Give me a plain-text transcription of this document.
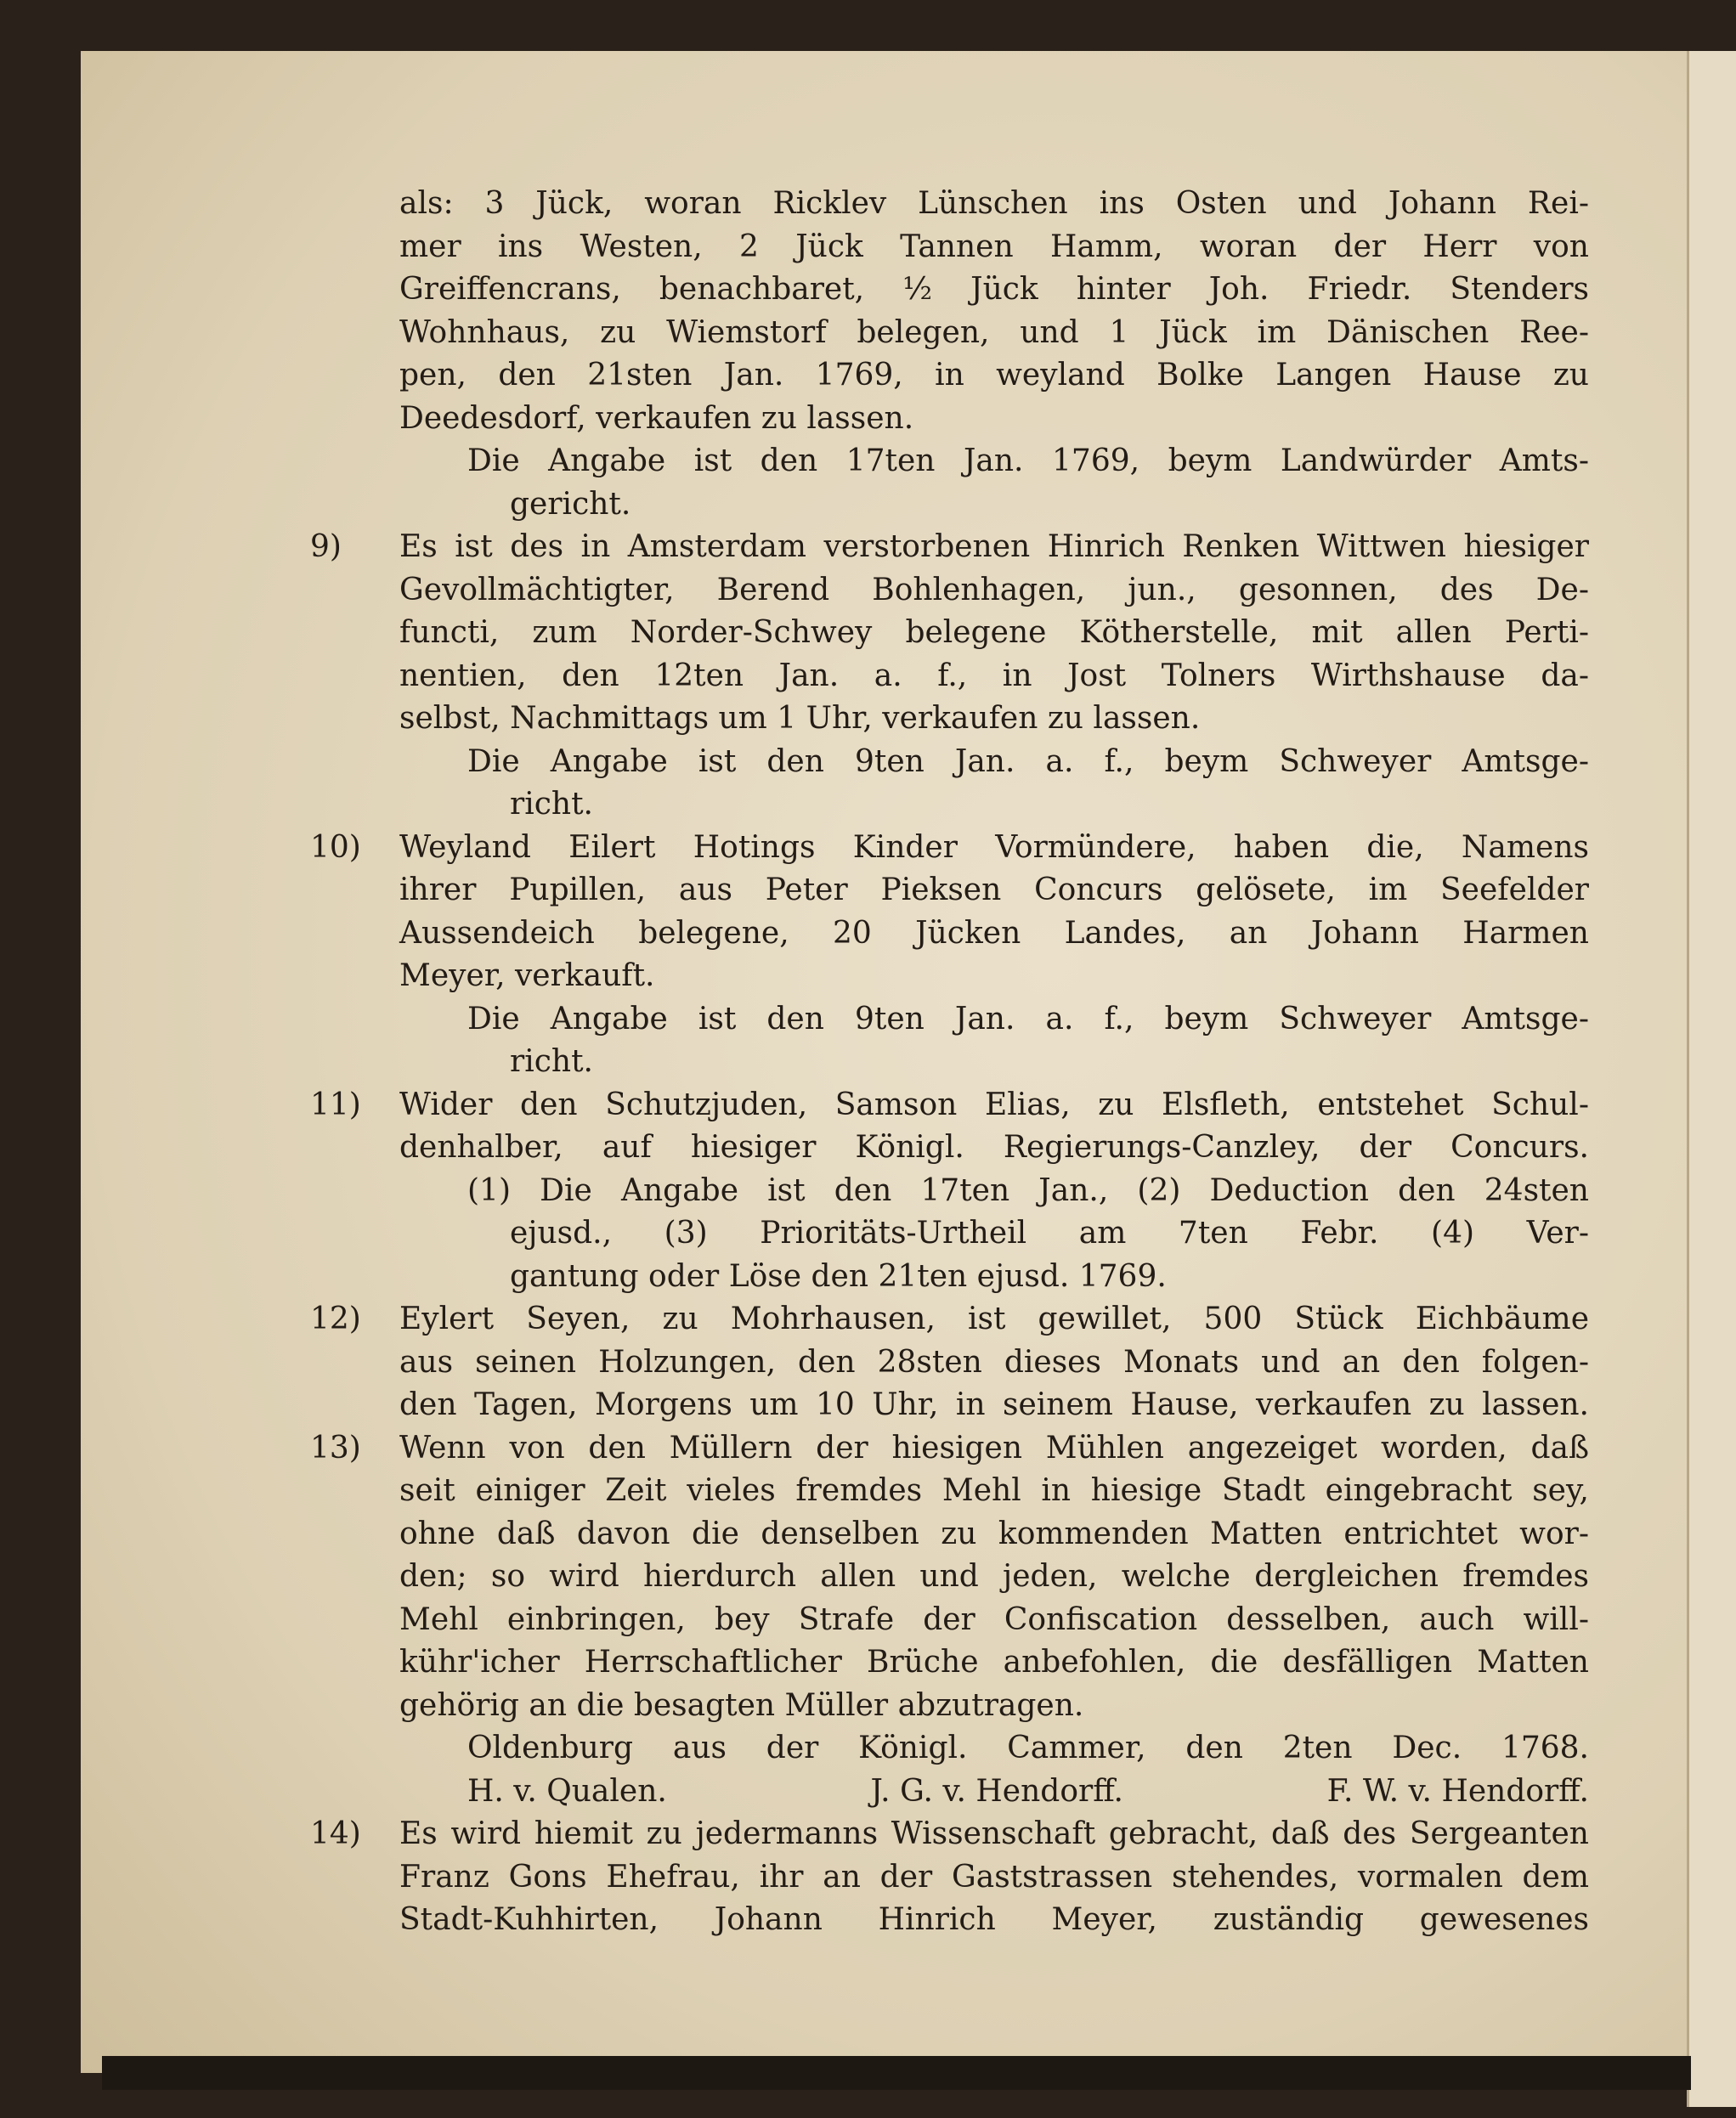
als: 3 Jück, woran Ricklev Lünschen ins Osten und Johann Rei-
mer ins Westen, 2 Jück Tannen Hamm, woran der Herr von
Greiffencrans, benachbaret, ½ Jück hinter Joh. Friedr. Stenders
Wohnhaus, zu Wiemstorf belegen, und 1 Jück im Dänischen Ree-
pen, den 21sten Jan. 1769, in weyland Bolke Langen Hause zu
Deedesdorf, verkaufen zu lassen.
Die Angabe ist den 17ten Jan. 1769, beym Landwürder Amts-
gericht.
9)	Es ist des in Amsterdam verstorbenen Hinrich Renken Wittwen hiesiger
Gevollmächtigter, Berend Bohlenhagen, jun., gesonnen, des De-
functi, zum Norder-Schwey belegene Kötherstelle, mit allen Perti-
nentien, den 12ten Jan. a. f., in Jost Tolners Wirthshause da-
selbst, Nachmittags um 1 Uhr, verkaufen zu lassen.
Die Angabe ist den 9ten Jan. a. f., beym Schweyer Amtsge-
richt.
10)	Weyland Eilert Hotings Kinder Vormündere, haben die, Namens
ihrer Pupillen, aus Peter Pieksen Concurs gelösete, im Seefelder
Aussendeich belegene, 20 Jücken Landes, an Johann Harmen
Meyer, verkauft.
Die Angabe ist den 9ten Jan. a. f., beym Schweyer Amtsge-
richt.
11)	Wider den Schutzjuden, Samson Elias, zu Elsfleth, entstehet Schul-
denhalber, auf hiesiger Königl. Regierungs-Canzley, der Concurs.
(1) Die Angabe ist den 17ten Jan., (2) Deduction den 24sten
ejusd., (3) Prioritäts-Urtheil am 7ten Febr. (4) Ver-
gantung oder Löse den 21ten ejusd. 1769.
12)	Eylert Seyen, zu Mohrhausen, ist gewillet, 500 Stück Eichbäume
aus seinen Holzungen, den 28sten dieses Monats und an den folgen-
den Tagen, Morgens um 10 Uhr, in seinem Hause, verkaufen zu lassen.
13)	Wenn von den Müllern der hiesigen Mühlen angezeiget worden, daß
seit einiger Zeit vieles fremdes Mehl in hiesige Stadt eingebracht sey,
ohne daß davon die denselben zu kommenden Matten entrichtet wor-
den; so wird hierdurch allen und jeden, welche dergleichen fremdes
Mehl einbringen, bey Strafe der Confiscation desselben, auch will-
kühr'icher Herrschaftlicher Brüche anbefohlen, die desfälligen Matten
gehörig an die besagten Müller abzutragen.
Oldenburg aus der Königl. Cammer, den 2ten Dec. 1768.
H. v. Qualen.	J. G. v. Hendorff.	F. W. v. Hendorff.
14)	Es wird hiemit zu jedermanns Wissenschaft gebracht, daß des Sergeanten
Franz Gons Ehefrau, ihr an der Gaststrassen stehendes, vormalen dem
Stadt-Kuhhirten, Johann Hinrich Meyer, zuständig gewesenes
